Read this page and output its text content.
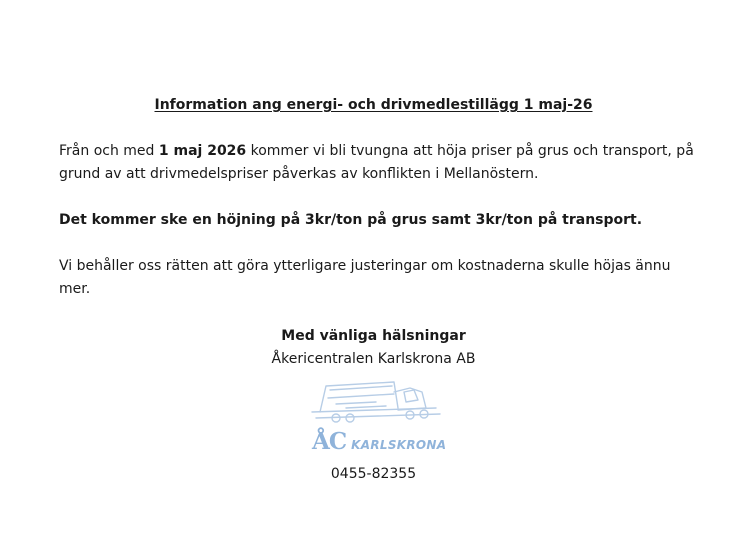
Information ang energi- och drivmedlestillägg 1 maj-26
Från och med 1 maj 2026 kommer vi bli tvungna att höja priser på grus och transport, på grund av att drivmedelspriser påverkas av konflikten i Mellanöstern.
Det kommer ske en höjning på 3kr/ton på grus samt 3kr/ton på transport.
Vi behåller oss rätten att göra ytterligare justeringar om kostnaderna skulle höjas ännu mer.
Med vänliga hälsningar
Åkericentralen Karlskrona AB
ÅC KARLSKRONA
0455-82355
